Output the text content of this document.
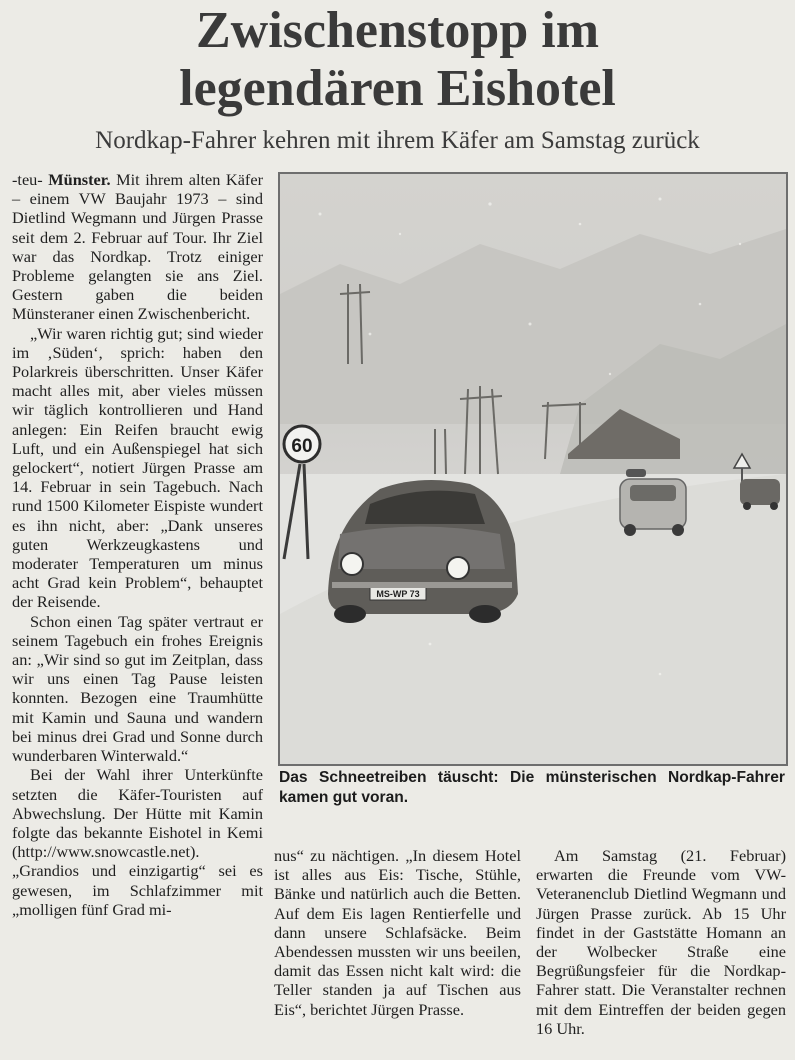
Zwischenstopp im
legendären Eishotel
Nordkap-Fahrer kehren mit ihrem Käfer am Samstag zurück

-teu- Münster. Mit ihrem alten Käfer – einem VW Baujahr 1973 – sind Dietlind Wegmann und Jürgen Prasse seit dem 2. Februar auf Tour. Ihr Ziel war das Nordkap. Trotz einiger Probleme gelangten sie ans Ziel. Gestern gaben die beiden Münsteraner einen Zwischenbericht.

„Wir waren richtig gut; sind wieder im ‚Süden‘, sprich: haben den Polarkreis überschritten. Unser Käfer macht alles mit, aber vieles müssen wir täglich kontrollieren und Hand anlegen: Ein Reifen braucht ewig Luft, und ein Außenspiegel hat sich gelockert“, notiert Jürgen Prasse am 14. Februar in sein Tagebuch. Nach rund 1500 Kilometer Eispiste wundert es ihn nicht, aber: „Dank unseres guten Werkzeugkastens und moderater Temperaturen um minus acht Grad kein Problem“, behauptet der Reisende.

Schon einen Tag später vertraut er seinem Tagebuch ein frohes Ereignis an: „Wir sind so gut im Zeitplan, dass wir uns einen Tag Pause leisten konnten. Bezogen eine Traumhütte mit Kamin und Sauna und wandern bei minus drei Grad und Sonne durch wunderbaren Winterwald.“

Bei der Wahl ihrer Unterkünfte setzten die Käfer-Touristen auf Abwechslung. Der Hütte mit Kamin folgte das bekannte Eishotel in Kemi (http://www.snowcastle.net). „Grandios und einzigartig“ sei es gewesen, im Schlafzimmer mit „molligen fünf Grad mi-

60
MS-WP 73
Das Schneetreiben täuscht: Die münsterischen Nordkap-Fahrer kamen gut voran.

nus“ zu nächtigen. „In diesem Hotel ist alles aus Eis: Tische, Stühle, Bänke und natürlich auch die Betten. Auf dem Eis lagen Rentierfelle und dann unsere Schlafsäcke. Beim Abendessen mussten wir uns beeilen, damit das Essen nicht kalt wird: die Teller standen ja auf Tischen aus Eis“, berichtet Jürgen Prasse.

Am Samstag (21. Februar) erwarten die Freunde vom VW-Veteranenclub Dietlind Wegmann und Jürgen Prasse zurück. Ab 15 Uhr findet in der Gaststätte Homann an der Wolbecker Straße eine Begrüßungsfeier für die Nordkap-Fahrer statt. Die Veranstalter rechnen mit dem Eintreffen der beiden gegen 16 Uhr.
